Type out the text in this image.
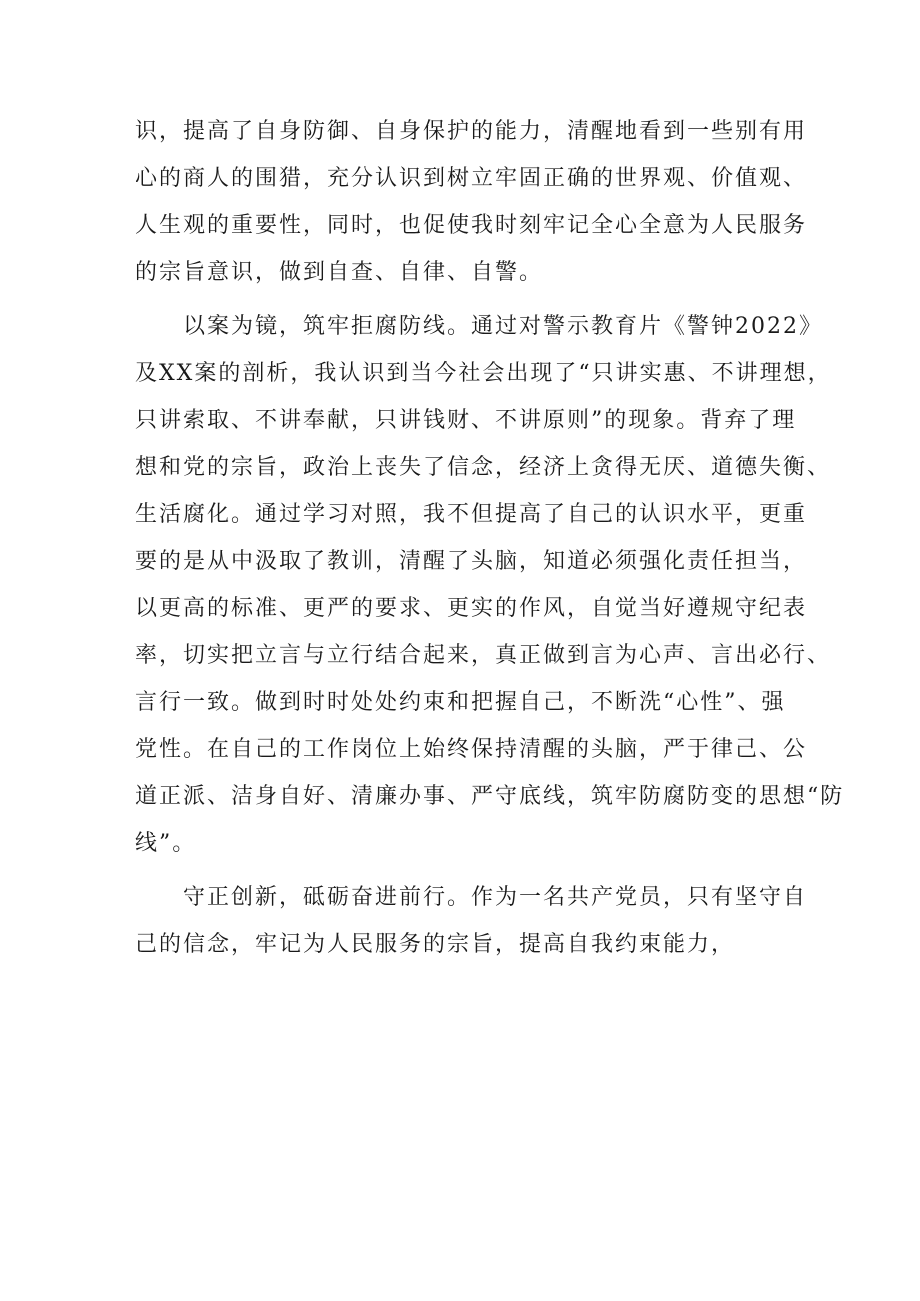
识，提高了自身防御、自身保护的能力，清醒地看到一些别有用
心的商人的围猎，充分认识到树立牢固正确的世界观、价值观、
人生观的重要性，同时，也促使我时刻牢记全心全意为人民服务
的宗旨意识，做到自查、自律、自警。
以案为镜，筑牢拒腐防线。通过对警示教育片《警钟2022》
及XX案的剖析，我认识到当今社会出现了“只讲实惠、不讲理想，
只讲索取、不讲奉献，只讲钱财、不讲原则”的现象。背弃了理
想和党的宗旨，政治上丧失了信念，经济上贪得无厌、道德失衡、
生活腐化。通过学习对照，我不但提高了自己的认识水平，更重
要的是从中汲取了教训，清醒了头脑，知道必须强化责任担当，
以更高的标准、更严的要求、更实的作风，自觉当好遵规守纪表
率，切实把立言与立行结合起来，真正做到言为心声、言出必行、
言行一致。做到时时处处约束和把握自己，不断洗“心性”、强
党性。在自己的工作岗位上始终保持清醒的头脑，严于律己、公
道正派、洁身自好、清廉办事、严守底线，筑牢防腐防变的思想“防
线”。
守正创新，砥砺奋进前行。作为一名共产党员，只有坚守自
己的信念，牢记为人民服务的宗旨，提高自我约束能力，
